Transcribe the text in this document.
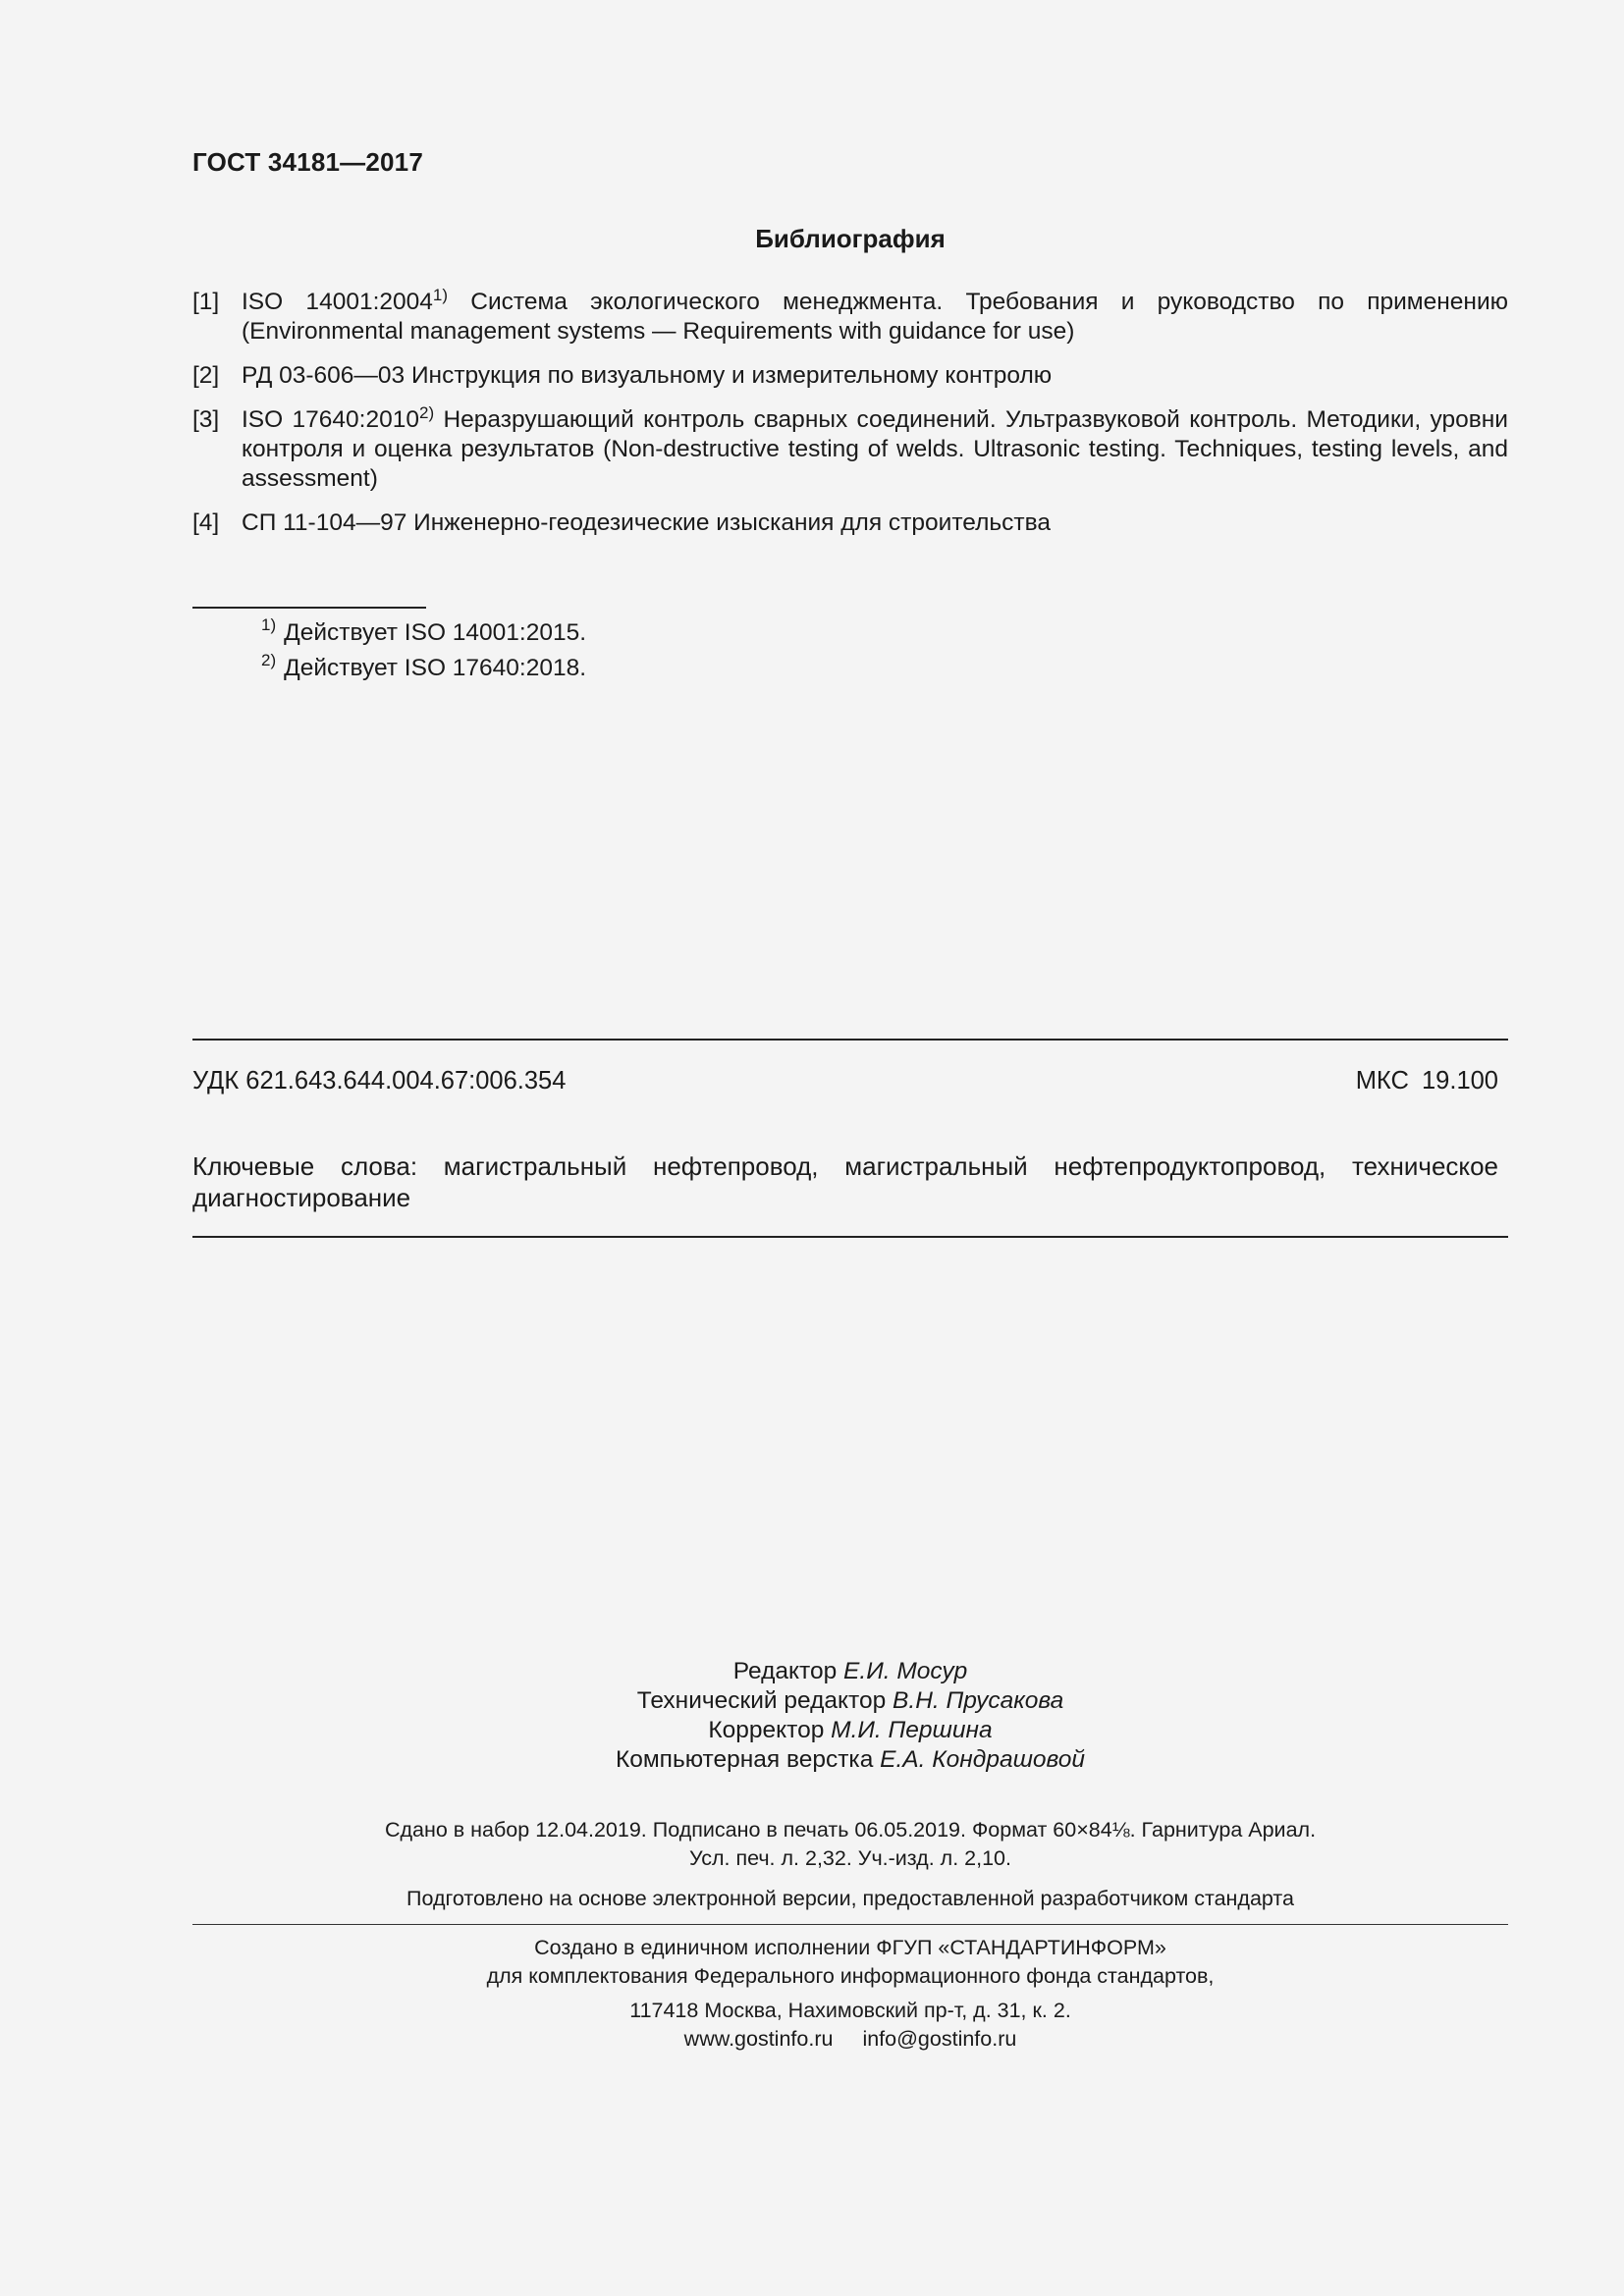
ГОСТ 34181—2017
Библиография
[1] ISO 14001:2004$^{1)}$ Система экологического менеджмента. Требования и руководство по применению (Environmental management systems — Requirements with guidance for use)
[2] РД 03-606—03 Инструкция по визуальному и измерительному контролю
[3] ISO 17640:2010$^{2)}$ Неразрушающий контроль сварных соединений. Ультразвуковой контроль. Методики, уровни контроля и оценка результатов (Non-destructive testing of welds. Ultrasonic testing. Techniques, testing levels, and assessment)
[4] СП 11-104—97 Инженерно-геодезические изыскания для строительства
$^{1)}$ Действует ISO 14001:2015.
$^{2)}$ Действует ISO 17640:2018.
УДК 621.643.644.004.67:006.354	МКС 19.100
Ключевые слова: магистральный нефтепровод, магистральный нефтепродуктопровод, техническое диагностирование
Редактор Е.И. Мосур
Технический редактор В.Н. Прусакова
Корректор М.И. Першина
Компьютерная верстка Е.А. Кондрашовой
Сдано в набор 12.04.2019. Подписано в печать 06.05.2019. Формат 60×84⅛. Гарнитура Ариал.
Усл. печ. л. 2,32. Уч.-изд. л. 2,10.
Подготовлено на основе электронной версии, предоставленной разработчиком стандарта
Создано в единичном исполнении ФГУП «СТАНДАРТИНФОРМ»
для комплектования Федерального информационного фонда стандартов,
117418 Москва, Нахимовский пр-т, д. 31, к. 2.
www.gostinfo.ru info@gostinfo.ru
